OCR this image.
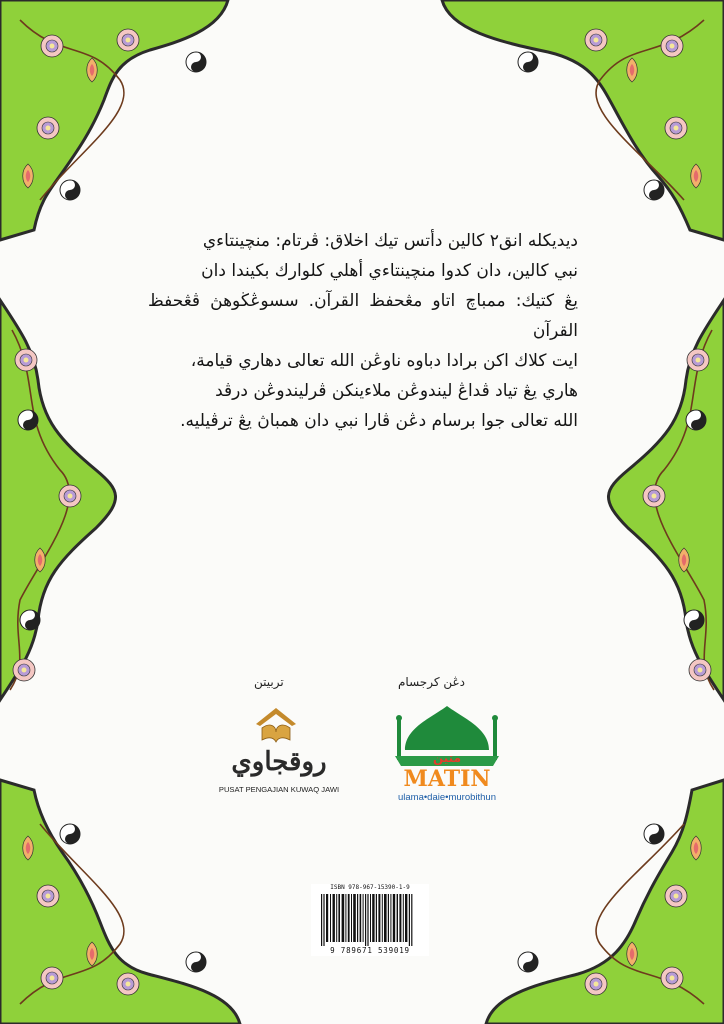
ديديكله انق٢ كالين دأتس تيك اخلاق: ڤرتام: منچينتاءي

نبي كالين، دان كدوا منچينتاءي أهلي كلوارك بكيندا دان

يڠ كتيك: ممباچ اتاو مڠحفظ القرآن. سسوڠڬوهڽ ڤڠحفظ القرآن

ايت كلاك اكن برادا دباوه ناوڠن الله تعالى دهاري قيامة،

هاري يڠ تياد ڤداڠ ليندوڠن ملاءينكن ڤرليندوڠن درڤد

الله تعالى جوا برسام دڠن ڤارا نبي دان همباڽ يڠ ترڤيليه.

تربيتن	دڠن كرجسام
روقجاوي
PUSAT PENGAJIAN KUWAQ JAWI
متين
MATIN
ulama•daie•murobithun
ISBN 978-967-15390-1-9
9 789671 539019
